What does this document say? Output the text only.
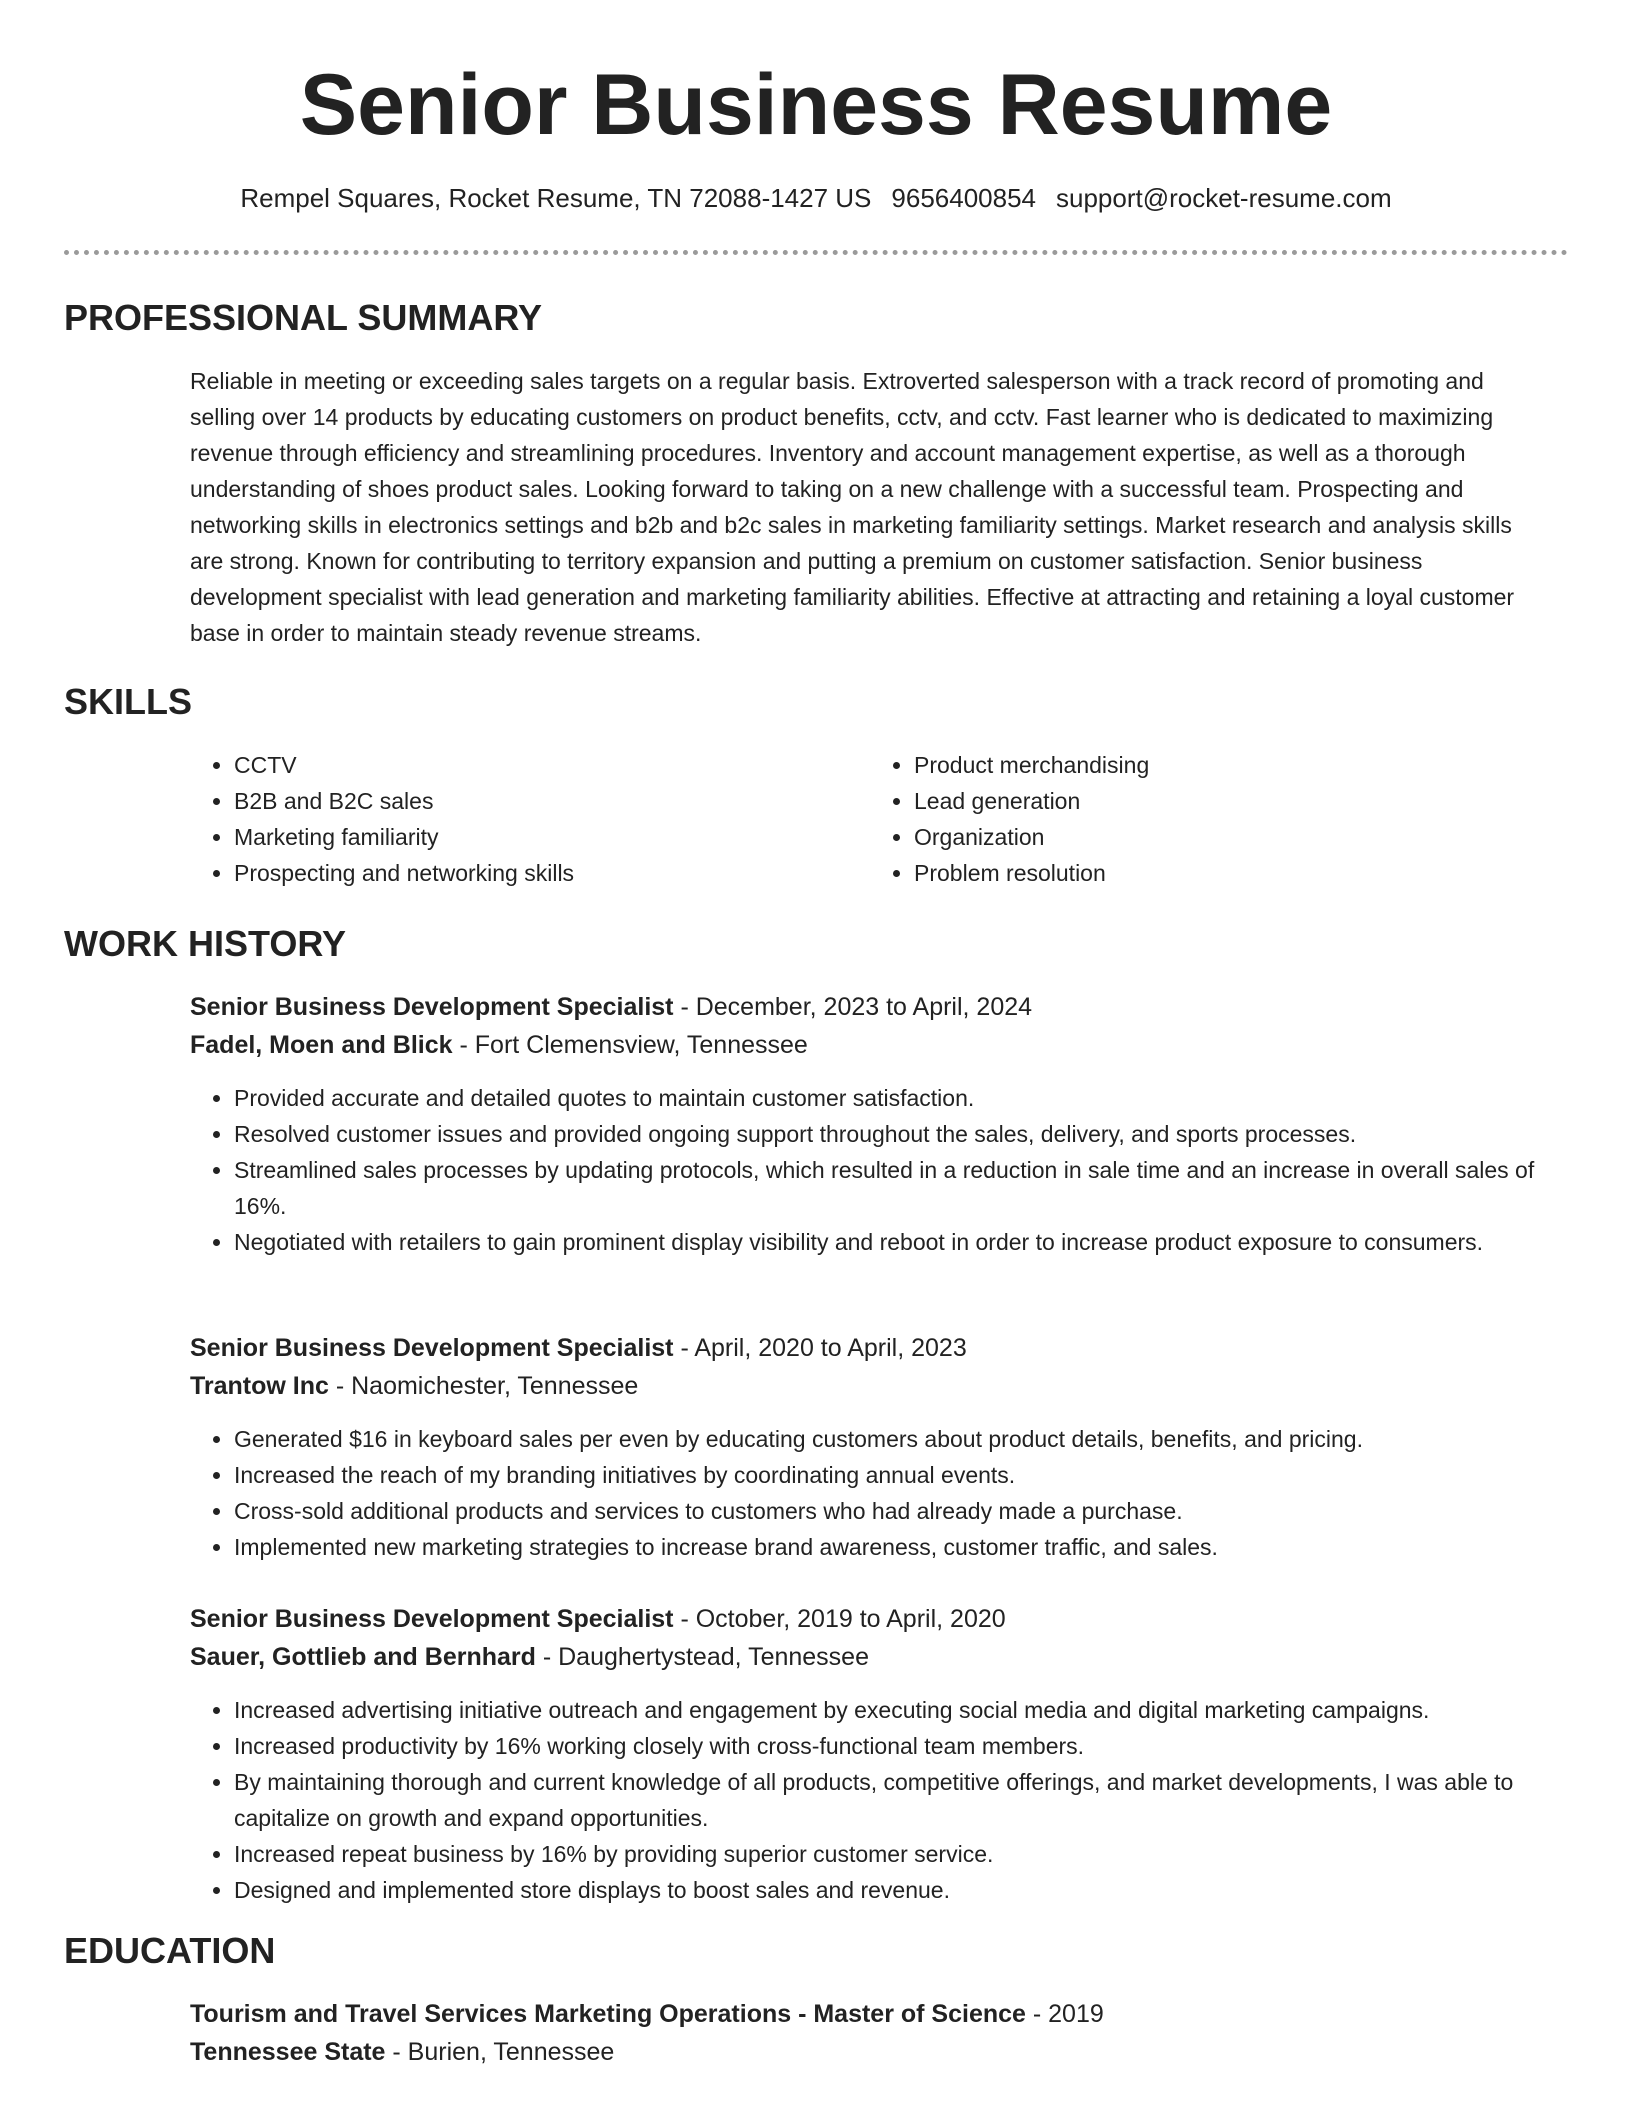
Senior Business Resume
Rempel Squares, Rocket Resume, TN 72088-1427 US 9656400854 support@rocket-resume.com
PROFESSIONAL SUMMARY

Reliable in meeting or exceeding sales targets on a regular basis. Extroverted salesperson with a track record of promoting and selling over 14 products by educating customers on product benefits, cctv, and cctv. Fast learner who is dedicated to maximizing revenue through efficiency and streamlining procedures. Inventory and account management expertise, as well as a thorough understanding of shoes product sales. Looking forward to taking on a new challenge with a successful team. Prospecting and networking skills in electronics settings and b2b and b2c sales in marketing familiarity settings. Market research and analysis skills are strong. Known for contributing to territory expansion and putting a premium on customer satisfaction. Senior business development specialist with lead generation and marketing familiarity abilities. Effective at attracting and retaining a loyal customer base in order to maintain steady revenue streams.

SKILLS
• CCTV
• B2B and B2C sales
• Marketing familiarity
• Prospecting and networking skills
• Product merchandising
• Lead generation
• Organization
• Problem resolution
WORK HISTORY
Senior Business Development Specialist - December, 2023 to April, 2024
Fadel, Moen and Blick - Fort Clemensview, Tennessee
• Provided accurate and detailed quotes to maintain customer satisfaction.
• Resolved customer issues and provided ongoing support throughout the sales, delivery, and sports processes.
• Streamlined sales processes by updating protocols, which resulted in a reduction in sale time and an increase in overall sales of 16%.
• Negotiated with retailers to gain prominent display visibility and reboot in order to increase product exposure to consumers.
Senior Business Development Specialist - April, 2020 to April, 2023
Trantow Inc - Naomichester, Tennessee
• Generated $16 in keyboard sales per even by educating customers about product details, benefits, and pricing.
• Increased the reach of my branding initiatives by coordinating annual events.
• Cross-sold additional products and services to customers who had already made a purchase.
• Implemented new marketing strategies to increase brand awareness, customer traffic, and sales.
Senior Business Development Specialist - October, 2019 to April, 2020
Sauer, Gottlieb and Bernhard - Daughertystead, Tennessee
• Increased advertising initiative outreach and engagement by executing social media and digital marketing campaigns.
• Increased productivity by 16% working closely with cross-functional team members.
• By maintaining thorough and current knowledge of all products, competitive offerings, and market developments, I was able to capitalize on growth and expand opportunities.
• Increased repeat business by 16% by providing superior customer service.
• Designed and implemented store displays to boost sales and revenue.
EDUCATION
Tourism and Travel Services Marketing Operations - Master of Science - 2019
Tennessee State - Burien, Tennessee
